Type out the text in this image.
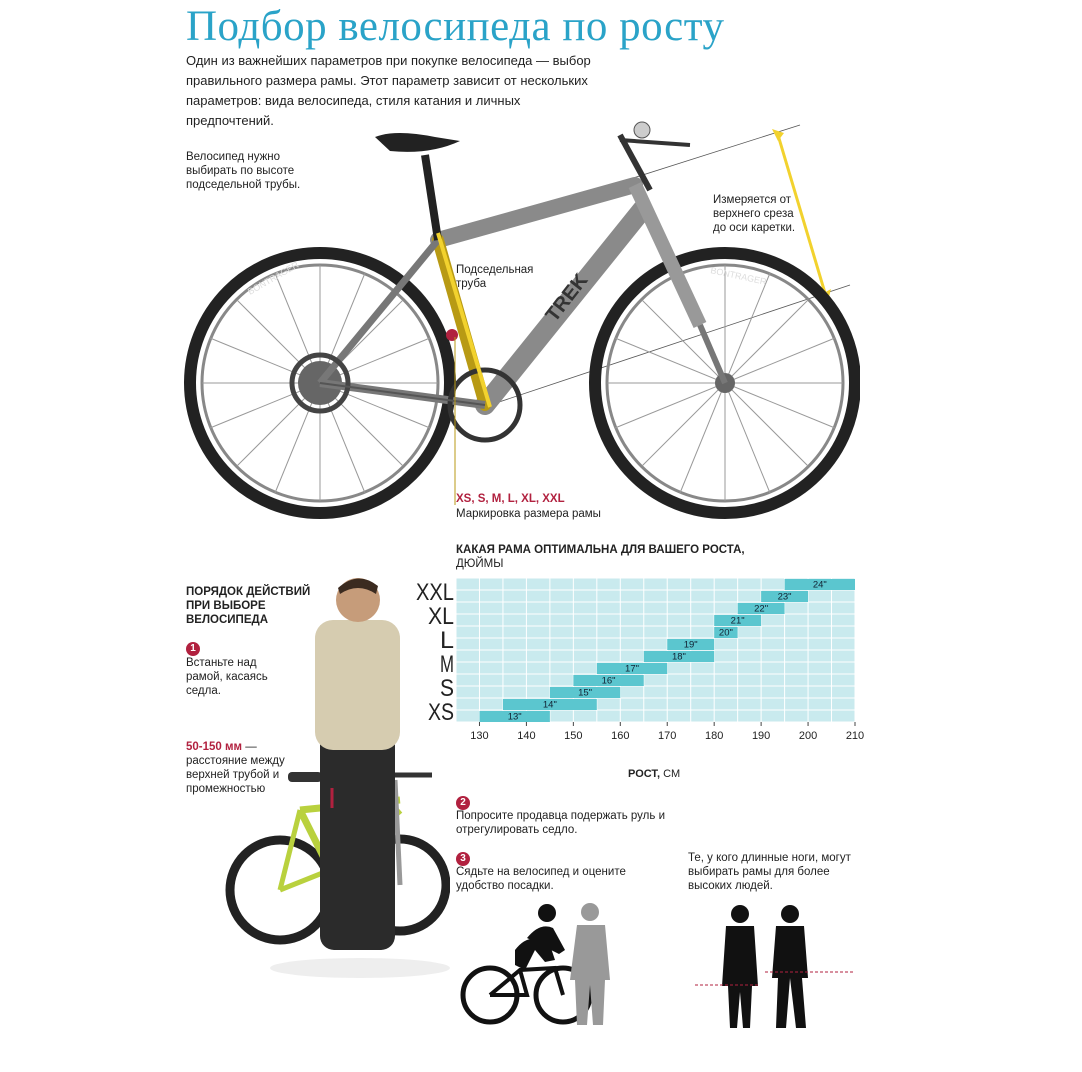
Подбор велосипеда по росту
Один из важнейших параметров при покупке велосипеда — выбор правильного размера рамы. Этот параметр зависит от нескольких параметров: вида велосипеда, стиля катания и личных предпочтений.
BONTRAGER	BONTRAGER
TREK
Велосипед нужно выбирать по высоте подседельной трубы.
Измеряется от верхнего среза до оси каретки.
Подседельная труба
XS, S, M, L, XL, XXL
Маркировка размера рамы
ПОРЯДОК ДЕЙСТВИЙ ПРИ ВЫБОРЕ ВЕЛОСИПЕДА
1
Встаньте над рамой, касаясь седла.
50-150 мм — расстояние между верхней трубой и промежностью
КАКАЯ РАМА ОПТИМАЛЬНА ДЛЯ ВАШЕГО РОСТА, ДЮЙМЫ
13"
14"
15"
16"
17"
18"
19"
20"
21"
22"
23"
24"
XXL
XL
L
M
S
XS
130	140	150	160	170	180	190	200	210
РОСТ, СМ
2
Попросите продавца подержать руль и отрегулировать седло.
3
Сядьте на велосипед и оцените удобство посадки.
Те, у кого длинные ноги, могут выбирать рамы для более высоких людей.
